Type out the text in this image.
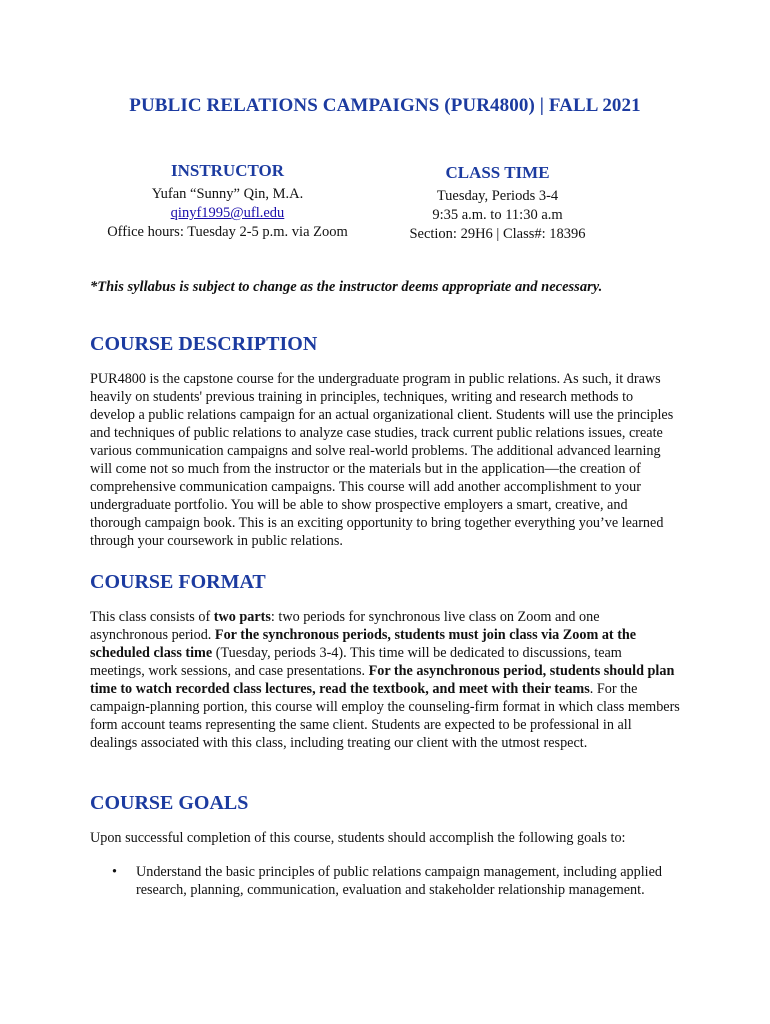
PUBLIC RELATIONS CAMPAIGNS (PUR4800) | FALL 2021
INSTRUCTOR
Yufan “Sunny” Qin, M.A.
qinyf1995@ufl.edu
Office hours: Tuesday 2-5 p.m. via Zoom
CLASS TIME
Tuesday, Periods 3-4
9:35 a.m. to 11:30 a.m
Section: 29H6 | Class#: 18396
*This syllabus is subject to change as the instructor deems appropriate and necessary.
COURSE DESCRIPTION

PUR4800 is the capstone course for the undergraduate program in public relations. As such, it draws heavily on students' previous training in principles, techniques, writing and research methods to develop a public relations campaign for an actual organizational client. Students will use the principles and techniques of public relations to analyze case studies, track current public relations issues, create various communication campaigns and solve real-world problems. The additional advanced learning will come not so much from the instructor or the materials but in the application—the creation of comprehensive communication campaigns. This course will add another accomplishment to your undergraduate portfolio. You will be able to show prospective employers a smart, creative, and thorough campaign book. This is an exciting opportunity to bring together everything you’ve learned through your coursework in public relations.

COURSE FORMAT

This class consists of two parts: two periods for synchronous live class on Zoom and one asynchronous period. For the synchronous periods, students must join class via Zoom at the scheduled class time (Tuesday, periods 3-4). This time will be dedicated to discussions, team meetings, work sessions, and case presentations. For the asynchronous period, students should plan time to watch recorded class lectures, read the textbook, and meet with their teams. For the campaign-planning portion, this course will employ the counseling-firm format in which class members form account teams representing the same client. Students are expected to be professional in all dealings associated with this class, including treating our client with the utmost respect.

COURSE GOALS

Upon successful completion of this course, students should accomplish the following goals to:

• Understand the basic principles of public relations campaign management, including applied research, planning, communication, evaluation and stakeholder relationship management.
